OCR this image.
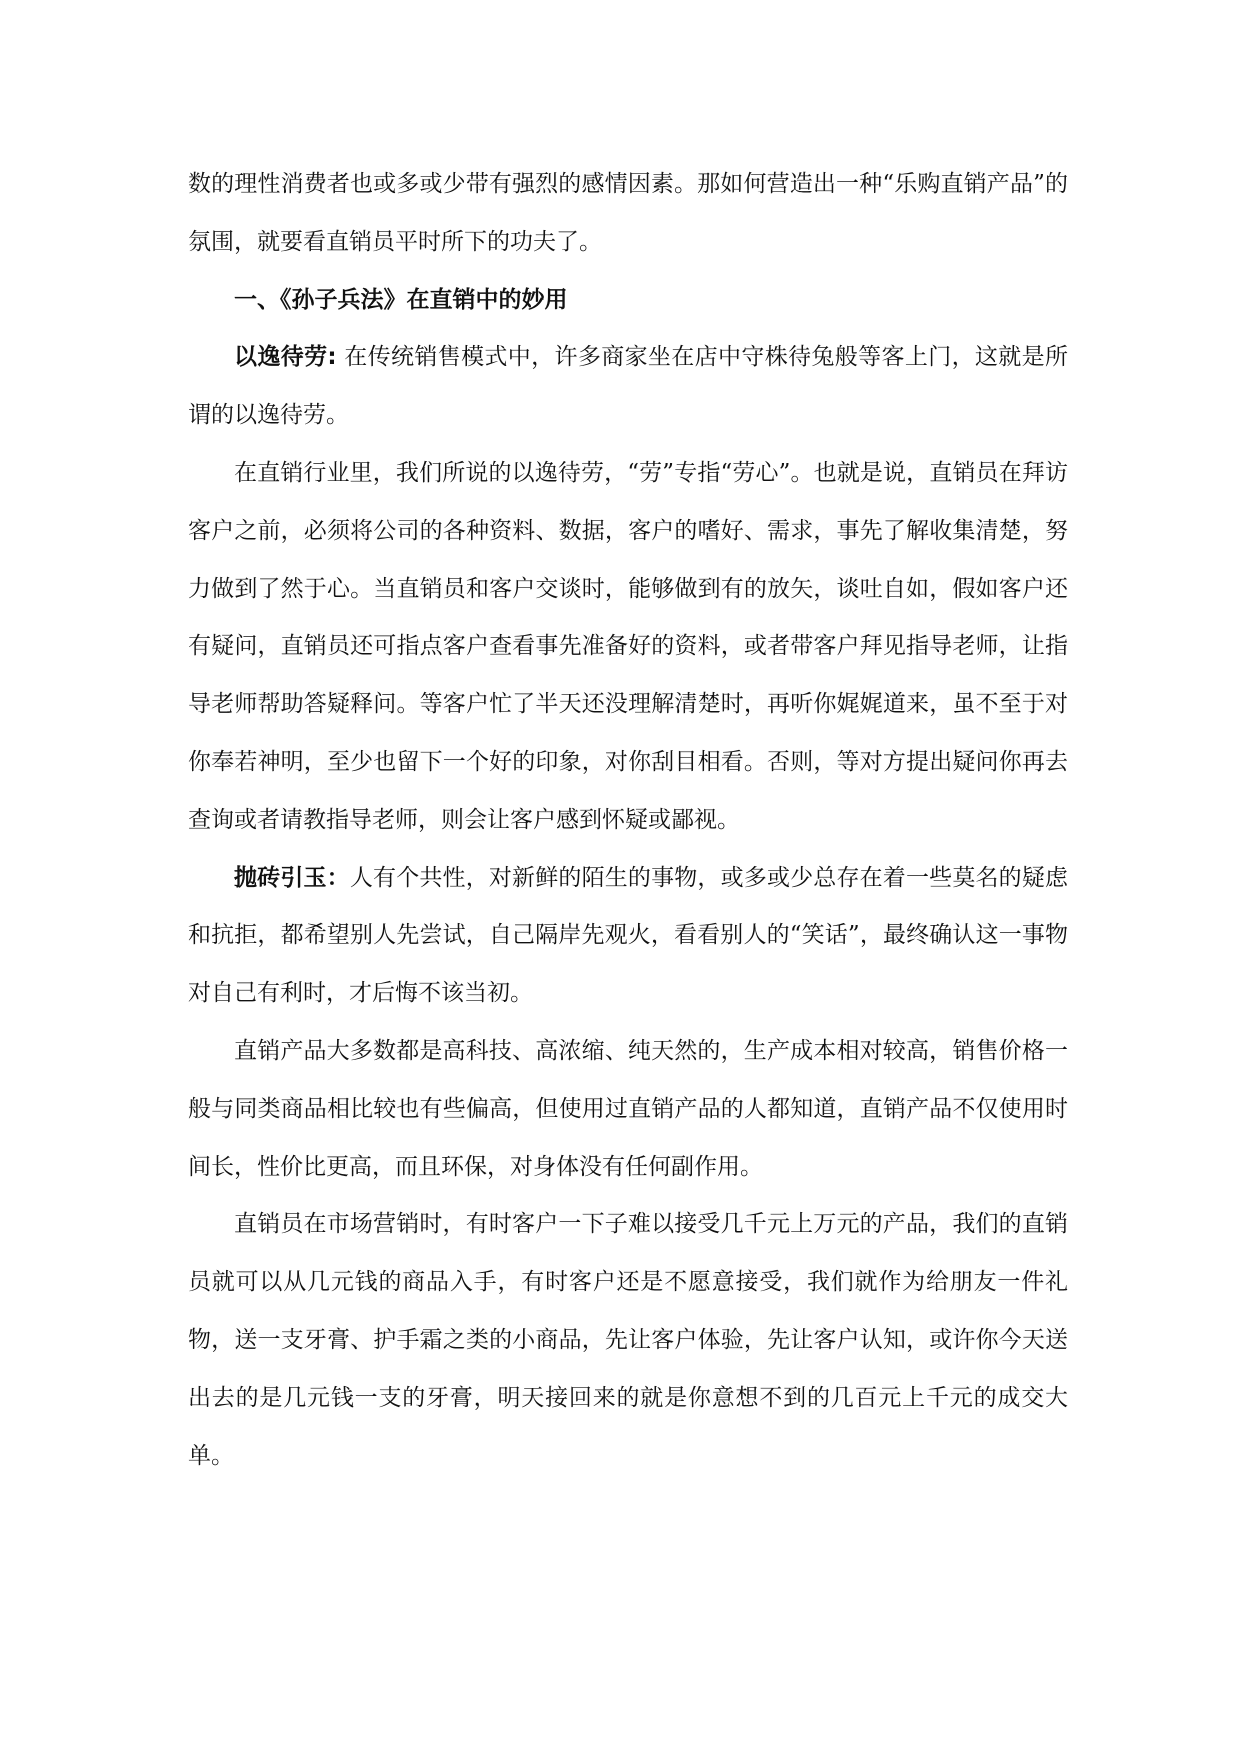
数的理性消费者也或多或少带有强烈的感情因素。那如何营造出一种“乐购直销产品”的氛围，就要看直销员平时所下的功夫了。

一、《孙子兵法》在直销中的妙用

以逸待劳: 在传统销售模式中，许多商家坐在店中守株待兔般等客上门，这就是所谓的以逸待劳。

在直销行业里，我们所说的以逸待劳，“劳”专指“劳心”。也就是说，直销员在拜访客户之前，必须将公司的各种资料、数据，客户的嗜好、需求，事先了解收集清楚，努力做到了然于心。当直销员和客户交谈时，能够做到有的放矢，谈吐自如，假如客户还有疑问，直销员还可指点客户查看事先准备好的资料，或者带客户拜见指导老师，让指导老师帮助答疑释问。等客户忙了半天还没理解清楚时，再听你娓娓道来，虽不至于对你奉若神明，至少也留下一个好的印象，对你刮目相看。否则，等对方提出疑问你再去查询或者请教指导老师，则会让客户感到怀疑或鄙视。

抛砖引玉：人有个共性，对新鲜的陌生的事物，或多或少总存在着一些莫名的疑虑和抗拒，都希望别人先尝试，自己隔岸先观火，看看别人的“笑话”，最终确认这一事物对自己有利时，才后悔不该当初。

直销产品大多数都是高科技、高浓缩、纯天然的，生产成本相对较高，销售价格一般与同类商品相比较也有些偏高，但使用过直销产品的人都知道，直销产品不仅使用时间长，性价比更高，而且环保，对身体没有任何副作用。

直销员在市场营销时，有时客户一下子难以接受几千元上万元的产品，我们的直销员就可以从几元钱的商品入手，有时客户还是不愿意接受，我们就作为给朋友一件礼物，送一支牙膏、护手霜之类的小商品，先让客户体验，先让客户认知，或许你今天送出去的是几元钱一支的牙膏，明天接回来的就是你意想不到的几百元上千元的成交大单。
